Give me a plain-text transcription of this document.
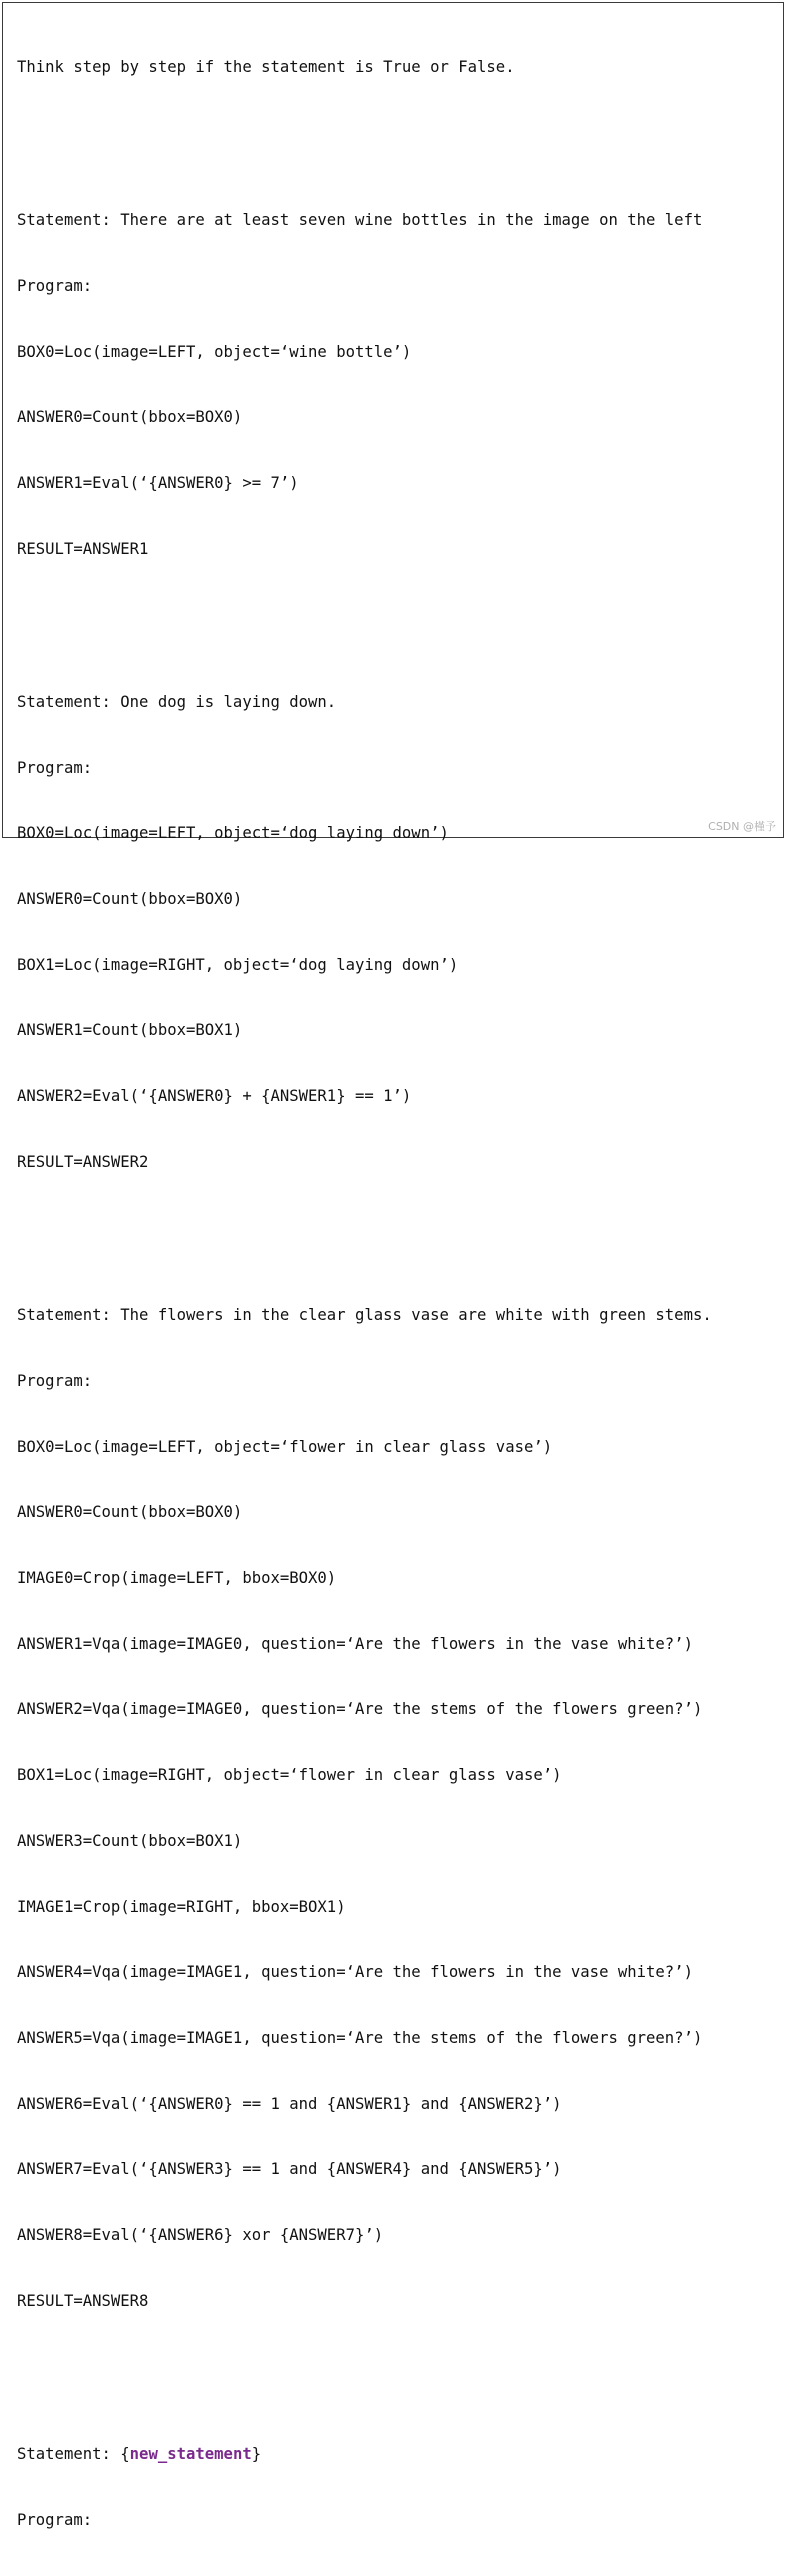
Think step by step if the statement is True or False.

Statement: There are at least seven wine bottles in the image on the left

Program:

BOX0=Loc(image=LEFT, object=‘wine bottle’)

ANSWER0=Count(bbox=BOX0)

ANSWER1=Eval(‘{ANSWER0} >= 7’)

RESULT=ANSWER1

Statement: One dog is laying down.

Program:

BOX0=Loc(image=LEFT, object=‘dog laying down’)

ANSWER0=Count(bbox=BOX0)

BOX1=Loc(image=RIGHT, object=‘dog laying down’)

ANSWER1=Count(bbox=BOX1)

ANSWER2=Eval(‘{ANSWER0} + {ANSWER1} == 1’)

RESULT=ANSWER2

Statement: The flowers in the clear glass vase are white with green stems.

Program:

BOX0=Loc(image=LEFT, object=‘flower in clear glass vase’)

ANSWER0=Count(bbox=BOX0)

IMAGE0=Crop(image=LEFT, bbox=BOX0)

ANSWER1=Vqa(image=IMAGE0, question=‘Are the flowers in the vase white?’)

ANSWER2=Vqa(image=IMAGE0, question=‘Are the stems of the flowers green?’)

BOX1=Loc(image=RIGHT, object=‘flower in clear glass vase’)

ANSWER3=Count(bbox=BOX1)

IMAGE1=Crop(image=RIGHT, bbox=BOX1)

ANSWER4=Vqa(image=IMAGE1, question=‘Are the flowers in the vase white?’)

ANSWER5=Vqa(image=IMAGE1, question=‘Are the stems of the flowers green?’)

ANSWER6=Eval(‘{ANSWER0} == 1 and {ANSWER1} and {ANSWER2}’)

ANSWER7=Eval(‘{ANSWER3} == 1 and {ANSWER4} and {ANSWER5}’)

ANSWER8=Eval(‘{ANSWER6} xor {ANSWER7}’)

RESULT=ANSWER8

Statement: {new_statement}

Program:

CSDN @槿予
